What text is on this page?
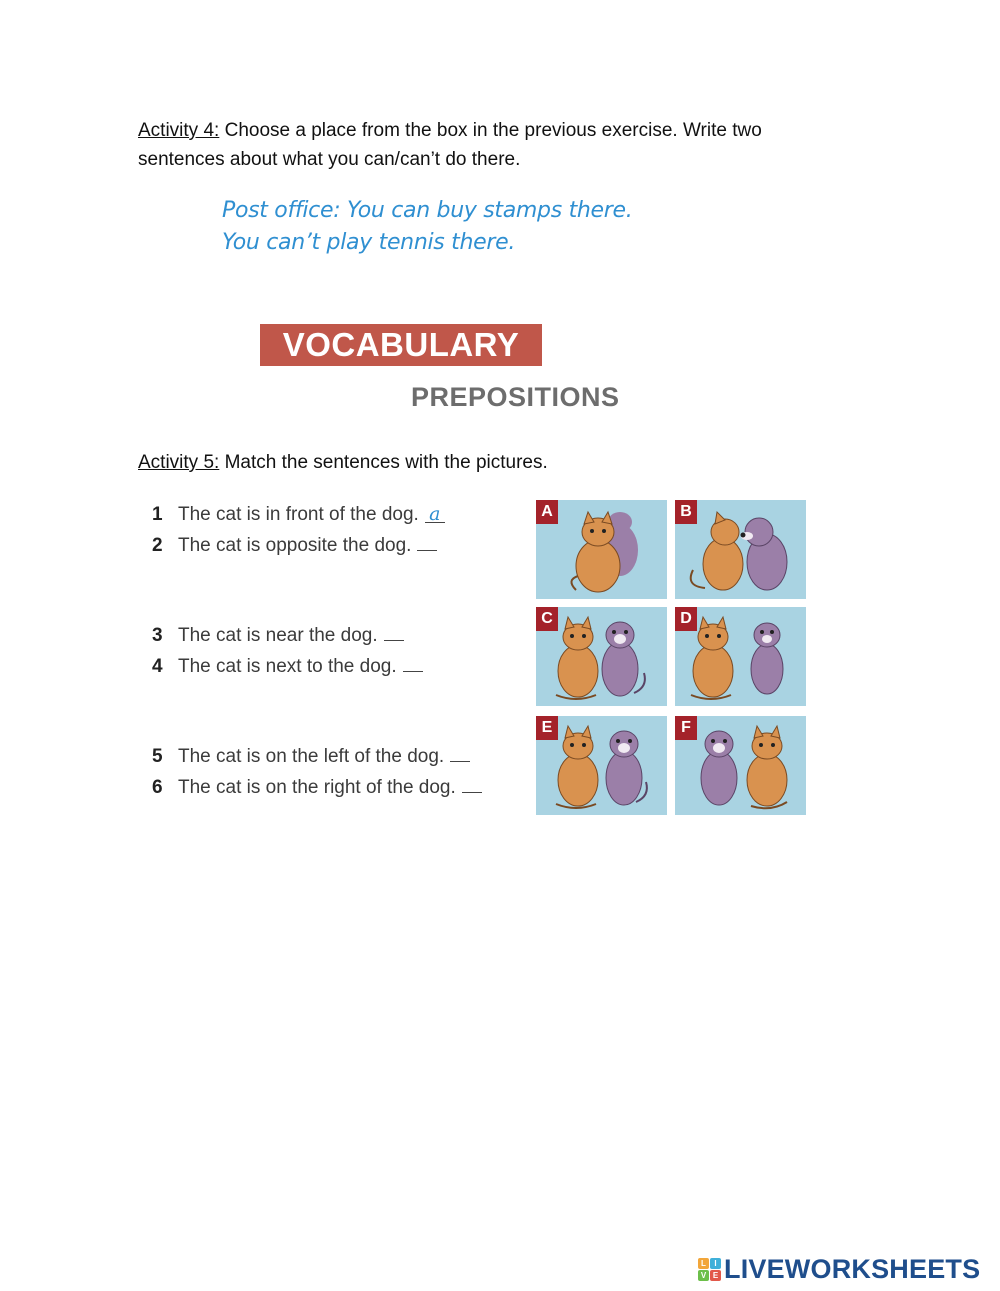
Activity 4: Choose a place from the box in the previous exercise. Write two
sentences about what you can/can’t do there.
Post office: You can buy stamps there.
You can’t play tennis there.
VOCABULARY
PREPOSITIONS
Activity 5: Match the sentences with the pictures.
1 The cat is in front of the dog. a
2 The cat is opposite the dog.
3 The cat is near the dog.
4 The cat is next to the dog.
5 The cat is on the left of the dog.
6 The cat is on the right of the dog.
A	B
C	D
E	F
L	I
V E LIVEWORKSHEETS
